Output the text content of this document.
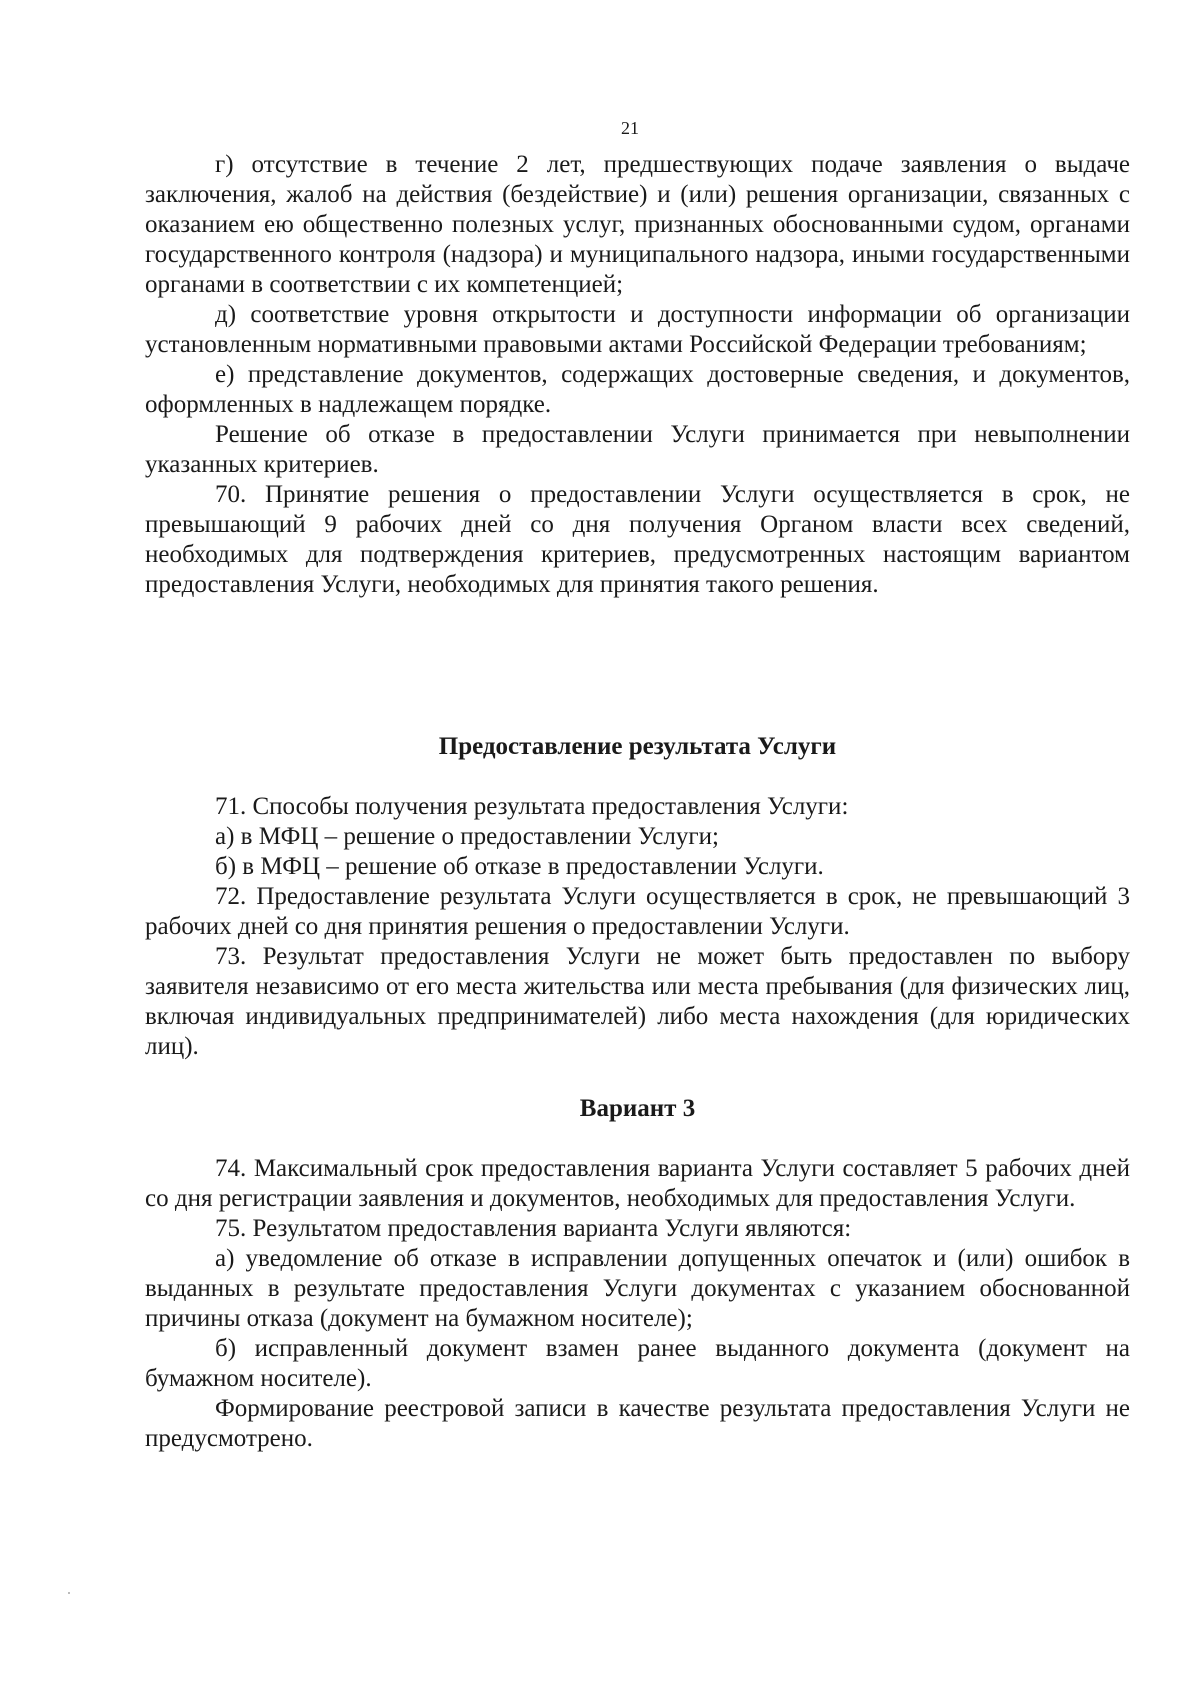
21

г) отсутствие в течение 2 лет, предшествующих подаче заявления о выдаче заключения, жалоб на действия (бездействие) и (или) решения организации, связанных с оказанием ею общественно полезных услуг, признанных обоснованными судом, органами государственного контроля (надзора) и муниципального надзора, иными государственными органами в соответствии с их компетенцией;

д) соответствие уровня открытости и доступности информации об организации установленным нормативными правовыми актами Российской Федерации требованиям;

е) представление документов, содержащих достоверные сведения, и документов, оформленных в надлежащем порядке.

Решение об отказе в предоставлении Услуги принимается при невыполнении указанных критериев.

70. Принятие решения о предоставлении Услуги осуществляется в срок, не превышающий 9 рабочих дней со дня получения Органом власти всех сведений, необходимых для подтверждения критериев, предусмотренных настоящим вариантом предоставления Услуги, необходимых для принятия такого решения.

Предоставление результата Услуги

71. Способы получения результата предоставления Услуги:

а) в МФЦ – решение о предоставлении Услуги;

б) в МФЦ – решение об отказе в предоставлении Услуги.

72. Предоставление результата Услуги осуществляется в срок, не превышающий 3 рабочих дней со дня принятия решения о предоставлении Услуги.

73. Результат предоставления Услуги не может быть предоставлен по выбору заявителя независимо от его места жительства или места пребывания (для физических лиц, включая индивидуальных предпринимателей) либо места нахождения (для юридических лиц).

Вариант 3

74. Максимальный срок предоставления варианта Услуги составляет 5 рабочих дней со дня регистрации заявления и документов, необходимых для предоставления Услуги.

75. Результатом предоставления варианта Услуги являются:

а) уведомление об отказе в исправлении допущенных опечаток и (или) ошибок в выданных в результате предоставления Услуги документах с указанием обоснованной причины отказа (документ на бумажном носителе);

б) исправленный документ взамен ранее выданного документа (документ на бумажном носителе).

Формирование реестровой записи в качестве результата предоставления Услуги не предусмотрено.
